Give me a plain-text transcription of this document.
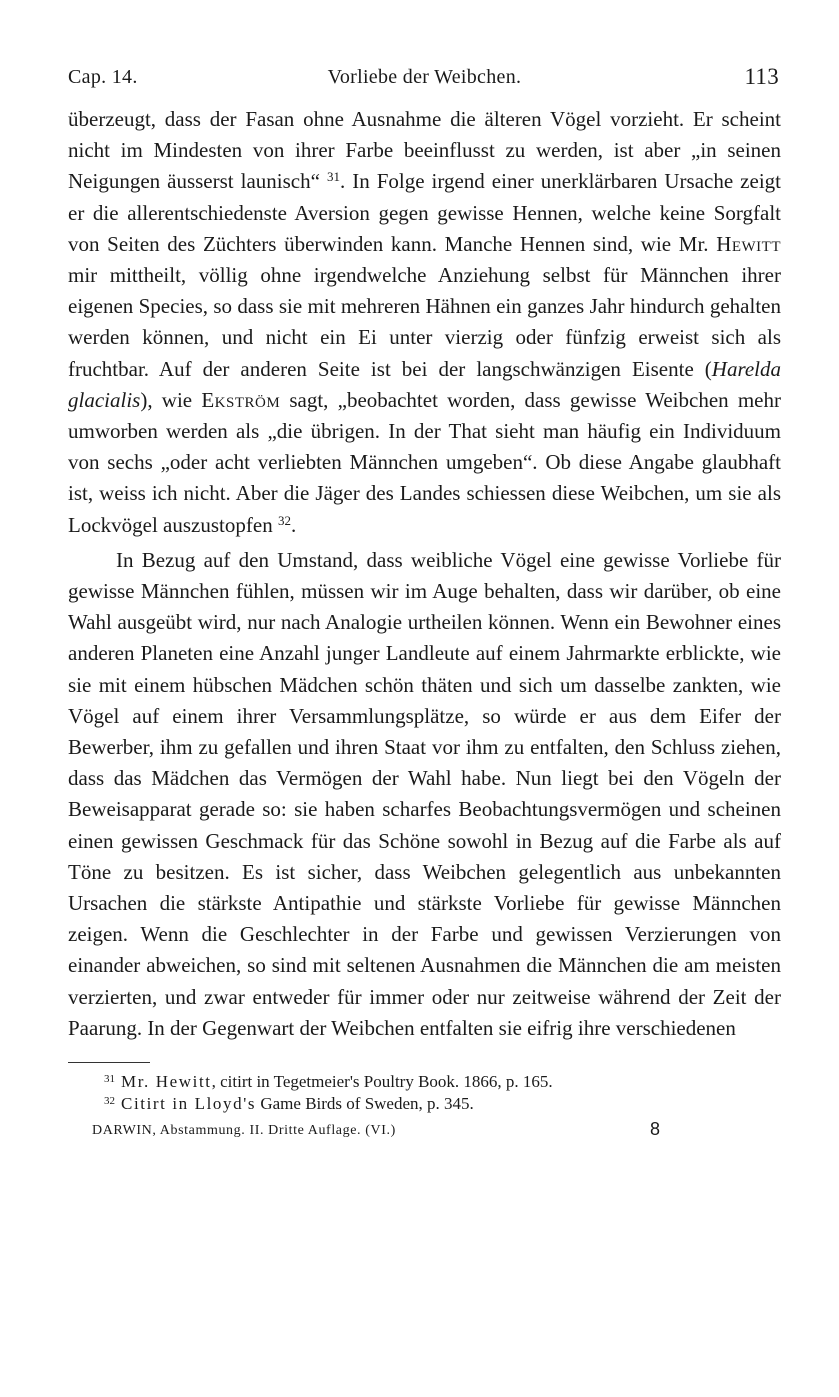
Cap. 14.	Vorliebe der Weibchen.	113

überzeugt, dass der Fasan ohne Ausnahme die älteren Vögel vorzieht. Er scheint nicht im Mindesten von ihrer Farbe beeinflusst zu werden, ist aber „in seinen Neigungen äusserst launisch“ $^{31}$. In Folge irgend einer unerklärbaren Ursache zeigt er die allerentschiedenste Aversion gegen gewisse Hennen, welche keine Sorgfalt von Seiten des Züchters überwinden kann. Manche Hennen sind, wie Mr. Hewitt mir mittheilt, völlig ohne irgendwelche Anziehung selbst für Männchen ihrer eigenen Species, so dass sie mit mehreren Hähnen ein ganzes Jahr hindurch gehalten werden können, und nicht ein Ei unter vierzig oder fünfzig erweist sich als fruchtbar. Auf der anderen Seite ist bei der langschwänzigen Eisente (Harelda glacialis), wie Ekström sagt, „beobachtet worden, dass gewisse Weibchen mehr umworben werden als „die übrigen. In der That sieht man häufig ein Individuum von sechs „oder acht verliebten Männchen umgeben“. Ob diese Angabe glaubhaft ist, weiss ich nicht. Aber die Jäger des Landes schiessen diese Weibchen, um sie als Lockvögel auszustopfen $^{32}$.

In Bezug auf den Umstand, dass weibliche Vögel eine gewisse Vorliebe für gewisse Männchen fühlen, müssen wir im Auge behalten, dass wir darüber, ob eine Wahl ausgeübt wird, nur nach Analogie urtheilen können. Wenn ein Bewohner eines anderen Planeten eine Anzahl junger Landleute auf einem Jahrmarkte erblickte, wie sie mit einem hübschen Mädchen schön thäten und sich um dasselbe zankten, wie Vögel auf einem ihrer Versammlungsplätze, so würde er aus dem Eifer der Bewerber, ihm zu gefallen und ihren Staat vor ihm zu entfalten, den Schluss ziehen, dass das Mädchen das Vermögen der Wahl habe. Nun liegt bei den Vögeln der Beweisapparat gerade so: sie haben scharfes Beobachtungsvermögen und scheinen einen gewissen Geschmack für das Schöne sowohl in Bezug auf die Farbe als auf Töne zu besitzen. Es ist sicher, dass Weibchen gelegentlich aus unbekannten Ursachen die stärkste Antipathie und stärkste Vorliebe für gewisse Männchen zeigen. Wenn die Geschlechter in der Farbe und gewissen Verzierungen von einander abweichen, so sind mit seltenen Ausnahmen die Männchen die am meisten verzierten, und zwar entweder für immer oder nur zeitweise während der Zeit der Paarung. In der Gegenwart der Weibchen entfalten sie eifrig ihre verschiedenen

$^{31}$ Mr. Hewitt, citirt in Tegetmeier's Poultry Book. 1866, p. 165.
$^{32}$ Citirt in Lloyd's Game Birds of Sweden, p. 345.
DARWIN, Abstammung. II. Dritte Auflage. (VI.)	8
